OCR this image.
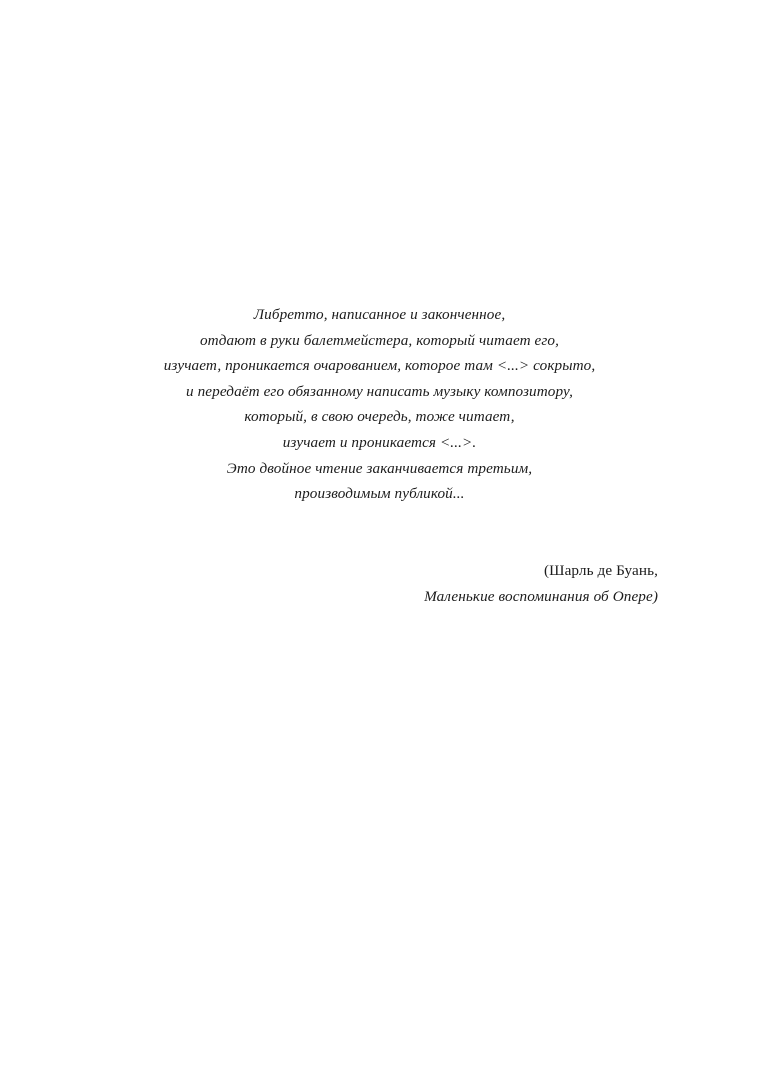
Либретто, написанное и законченное,
отдают в руки балетмейстера, который читает его,
изучает, проникается очарованием, которое там <...> сокрыто,
и передаёт его обязанному написать музыку композитору,
который, в свою очередь, тоже читает,
изучает и проникается <...>.
Это двойное чтение заканчивается третьим,
производимым публикой...
(Шарль де Буань,
Маленькие воспоминания об Опере)
